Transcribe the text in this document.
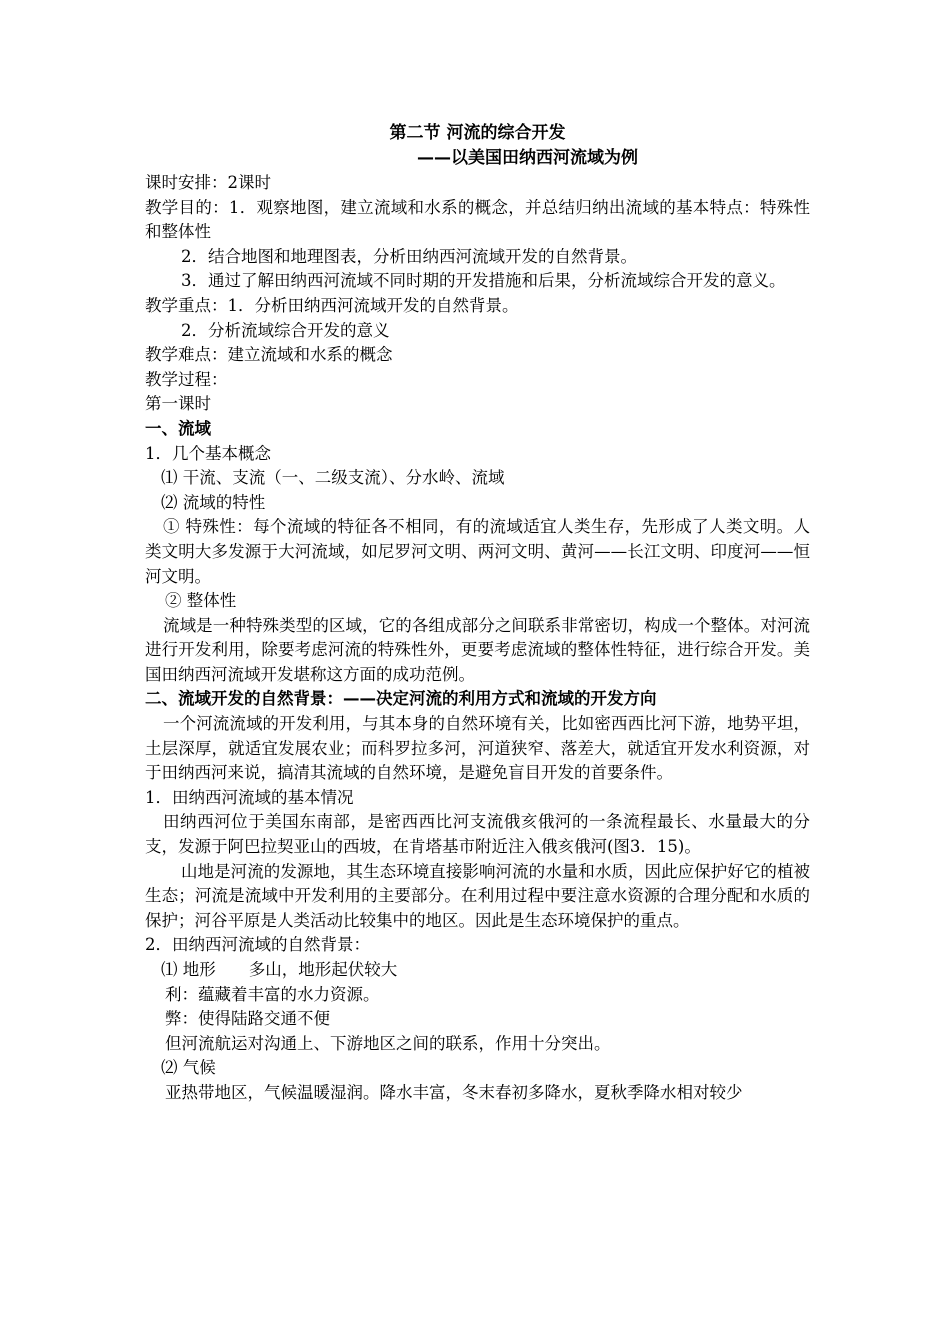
第二节 河流的综合开发

——以美国田纳西河流域为例

课时安排：2课时

教学目的：1．观察地图，建立流域和水系的概念，并总结归纳出流域的基本特点：特殊性和整体性

2．结合地图和地理图表，分析田纳西河流域开发的自然背景。

3．通过了解田纳西河流域不同时期的开发措施和后果，分析流域综合开发的意义。

教学重点：1．分析田纳西河流域开发的自然背景。

2．分析流域综合开发的意义

教学难点：建立流域和水系的概念

教学过程：

第一课时

一、流域

1．几个基本概念

⑴ 干流、支流（一、二级支流）、分水岭、流域

⑵ 流域的特性

① 特殊性：每个流域的特征各不相同，有的流域适宜人类生存，先形成了人类文明。人类文明大多发源于大河流域，如尼罗河文明、两河文明、黄河——长江文明、印度河——恒河文明。

② 整体性

流域是一种特殊类型的区域，它的各组成部分之间联系非常密切，构成一个整体。对河流进行开发利用，除要考虑河流的特殊性外，更要考虑流域的整体性特征，进行综合开发。美国田纳西河流域开发堪称这方面的成功范例。

二、流域开发的自然背景：——决定河流的利用方式和流域的开发方向

一个河流流域的开发利用，与其本身的自然环境有关，比如密西西比河下游，地势平坦，土层深厚，就适宜发展农业；而科罗拉多河，河道狭窄、落差大，就适宜开发水利资源，对于田纳西河来说，搞清其流域的自然环境，是避免盲目开发的首要条件。

1．田纳西河流域的基本情况

田纳西河位于美国东南部，是密西西比河支流俄亥俄河的一条流程最长、水量最大的分支，发源于阿巴拉契亚山的西坡，在肯塔基市附近注入俄亥俄河(图3．15)。

山地是河流的发源地，其生态环境直接影响河流的水量和水质，因此应保护好它的植被生态；河流是流域中开发利用的主要部分。在利用过程中要注意水资源的合理分配和水质的保护；河谷平原是人类活动比较集中的地区。因此是生态环境保护的重点。

2．田纳西河流域的自然背景：

⑴ 地形　　多山，地形起伏较大

利：蕴藏着丰富的水力资源。

弊：使得陆路交通不便

但河流航运对沟通上、下游地区之间的联系，作用十分突出。

⑵ 气候

亚热带地区，气候温暖湿润。降水丰富，冬末春初多降水，夏秋季降水相对较少
